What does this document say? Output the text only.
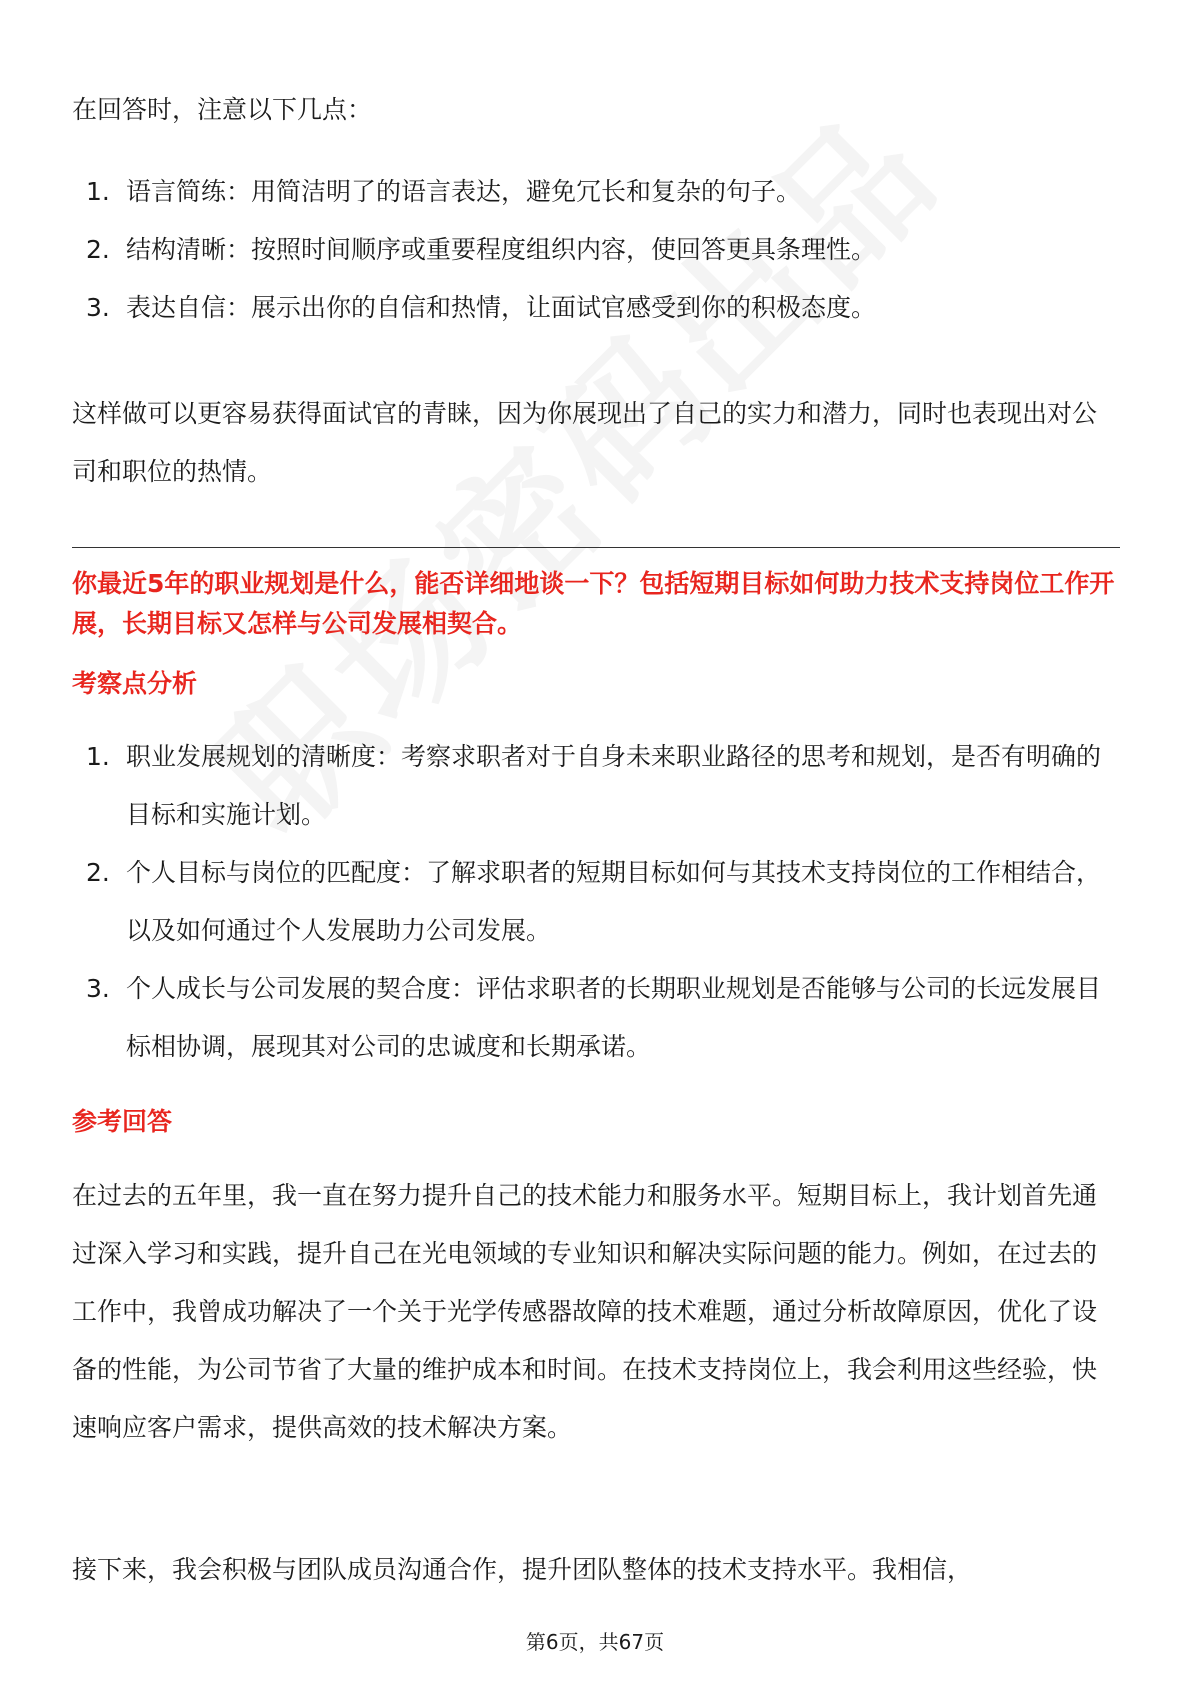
在回答时，注意以下几点：

1. 语言简练：用简洁明了的语言表达，避免冗长和复杂的句子。
2. 结构清晰：按照时间顺序或重要程度组织内容，使回答更具条理性。
3. 表达自信：展示出你的自信和热情，让面试官感受到你的积极态度。

这样做可以更容易获得面试官的青睐，因为你展现出了自己的实力和潜力，同时也表现出对公司和职位的热情。

你最近5年的职业规划是什么，能否详细地谈一下？包括短期目标如何助力技术支持岗位工作开展，长期目标又怎样与公司发展相契合。

考察点分析

1. 职业发展规划的清晰度：考察求职者对于自身未来职业路径的思考和规划，是否有明确的目标和实施计划。
2. 个人目标与岗位的匹配度：了解求职者的短期目标如何与其技术支持岗位的工作相结合，以及如何通过个人发展助力公司发展。
3. 个人成长与公司发展的契合度：评估求职者的长期职业规划是否能够与公司的长远发展目标相协调，展现其对公司的忠诚度和长期承诺。

参考回答

在过去的五年里，我一直在努力提升自己的技术能力和服务水平。短期目标上，我计划首先通过深入学习和实践，提升自己在光电领域的专业知识和解决实际问题的能力。例如，在过去的工作中，我曾成功解决了一个关于光学传感器故障的技术难题，通过分析故障原因，优化了设备的性能，为公司节省了大量的维护成本和时间。在技术支持岗位上，我会利用这些经验，快速响应客户需求，提供高效的技术解决方案。

接下来，我会积极与团队成员沟通合作，提升团队整体的技术支持水平。我相信，

第6页，共67页
